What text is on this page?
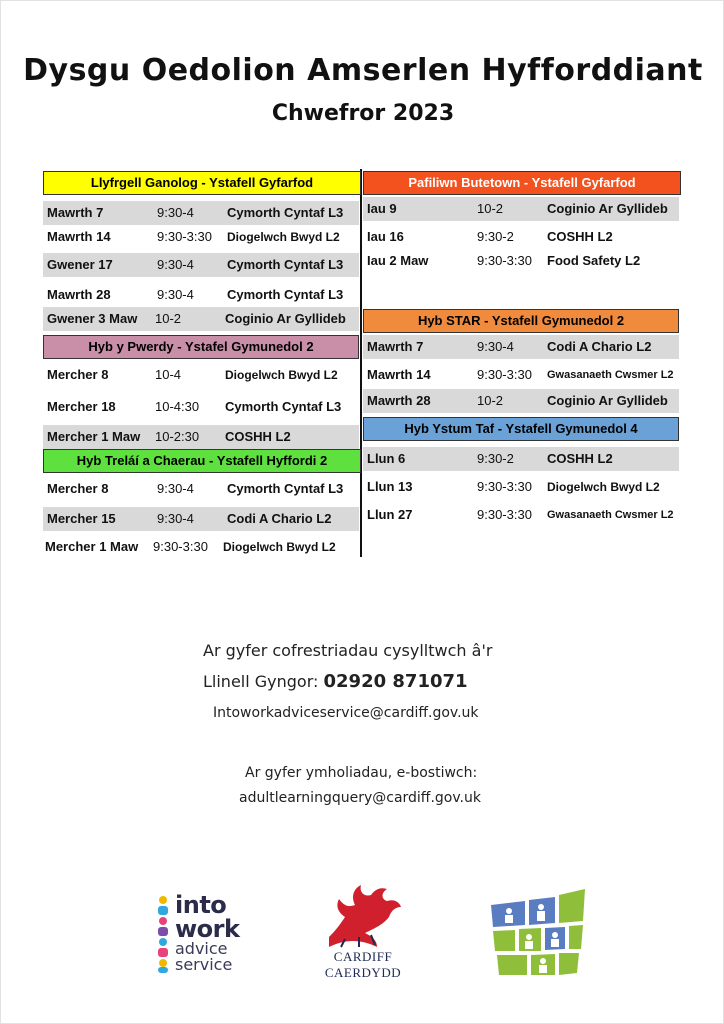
Dysgu Oedolion Amserlen Hyfforddiant
Chwefror 2023
Llyfrgell Ganolog - Ystafell Gyfarfod
Mawrth 7	9:30-4	Cymorth Cyntaf L3
Mawrth 14	9:30-3:30 Diogelwch Bwyd L2
Gwener 17	9:30-4	Cymorth Cyntaf L3
Mawrth 28	9:30-4	Cymorth Cyntaf L3
Gwener 3 Maw 10-2	Coginio Ar Gyllideb
Hyb y Pwerdy - Ystafel Gymunedol 2
Mercher 8	10-4	Diogelwch Bwyd L2
Mercher 18	10-4:30 Cymorth Cyntaf L3
Mercher 1 Maw 10-2:30 COSHH L2
Hyb Treláí a Chaerau - Ystafell Hyffordi 2
Mercher 8	9:30-4	Cymorth Cyntaf L3
Mercher 15	9:30-4	Codi A Chario L2
Mercher 1 Maw 9:30-3:30 Diogelwch Bwyd L2
Pafiliwn Butetown - Ystafell Gyfarfod
Iau 9	10-2	Coginio Ar Gyllideb
Iau 16	9:30-2	COSHH L2
Iau 2 Maw	9:30-3:30 Food Safety L2
Hyb STAR - Ystafell Gymunedol 2
Mawrth 7	9:30-4	Codi A Chario L2
Mawrth 14	9:30-3:30 Gwasanaeth Cwsmer L2
Mawrth 28	10-2	Coginio Ar Gyllideb
Hyb Ystum Taf - Ystafell Gymunedol 4
Llun 6	9:30-2	COSHH L2
Llun 13	9:30-3:30 Diogelwch Bwyd L2
Llun 27	9:30-3:30 Gwasanaeth Cwsmer L2
Ar gyfer cofrestriadau cysylltwch â'r
Llinell Gyngor: 02920 871071
Intoworkadviceservice@cardiff.gov.uk
Ar gyfer ymholiadau, e-bostiwch:
adultlearningquery@cardiff.gov.uk
into
work
advice
service	CARDIFF
CAERDYDD
